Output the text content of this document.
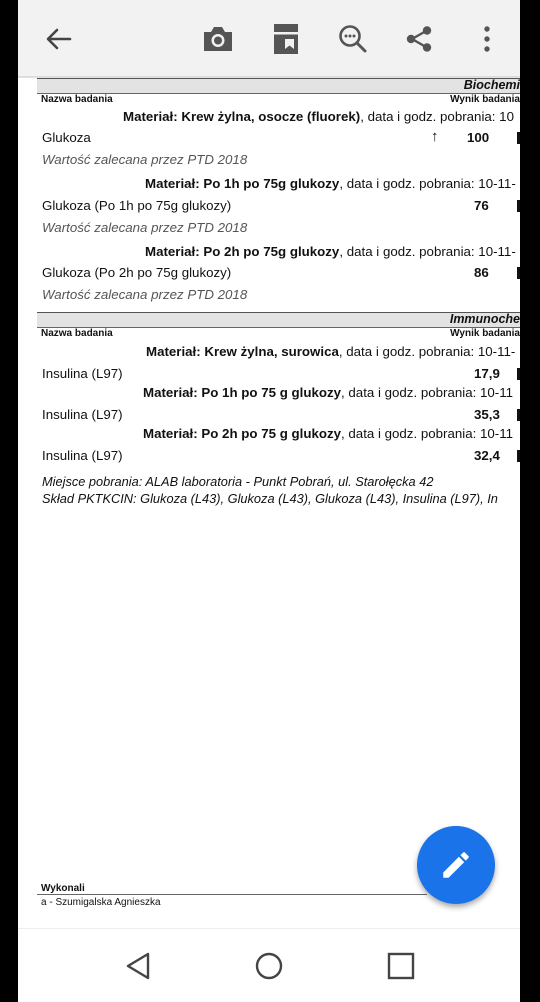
Biochemi
Nazwa badania	Wynik badania
Materiał: Krew żylna, osocze (fluorek), data i godz. pobrania: 10
Glukoza	↑ 100
Wartość zalecana przez PTD 2018
Materiał: Po 1h po 75g glukozy, data i godz. pobrania: 10-11-
Glukoza (Po 1h po 75g glukozy)	76
Wartość zalecana przez PTD 2018
Materiał: Po 2h po 75g glukozy, data i godz. pobrania: 10-11-
Glukoza (Po 2h po 75g glukozy)	86
Wartość zalecana przez PTD 2018
Immunoche
Nazwa badania	Wynik badania
Materiał: Krew żylna, surowica, data i godz. pobrania: 10-11-
Insulina (L97)	17,9
Materiał: Po 1h po 75 g glukozy, data i godz. pobrania: 10-11
Insulina (L97)	35,3
Materiał: Po 2h po 75 g glukozy, data i godz. pobrania: 10-11
Insulina (L97)	32,4
Miejsce pobrania: ALAB laboratoria - Punkt Pobrań, ul. Starołęcka 42
Skład PKTKCIN: Glukoza (L43), Glukoza (L43), Glukoza (L43), Insulina (L97), In
Wykonali
a - Szumigalska Agnieszka
